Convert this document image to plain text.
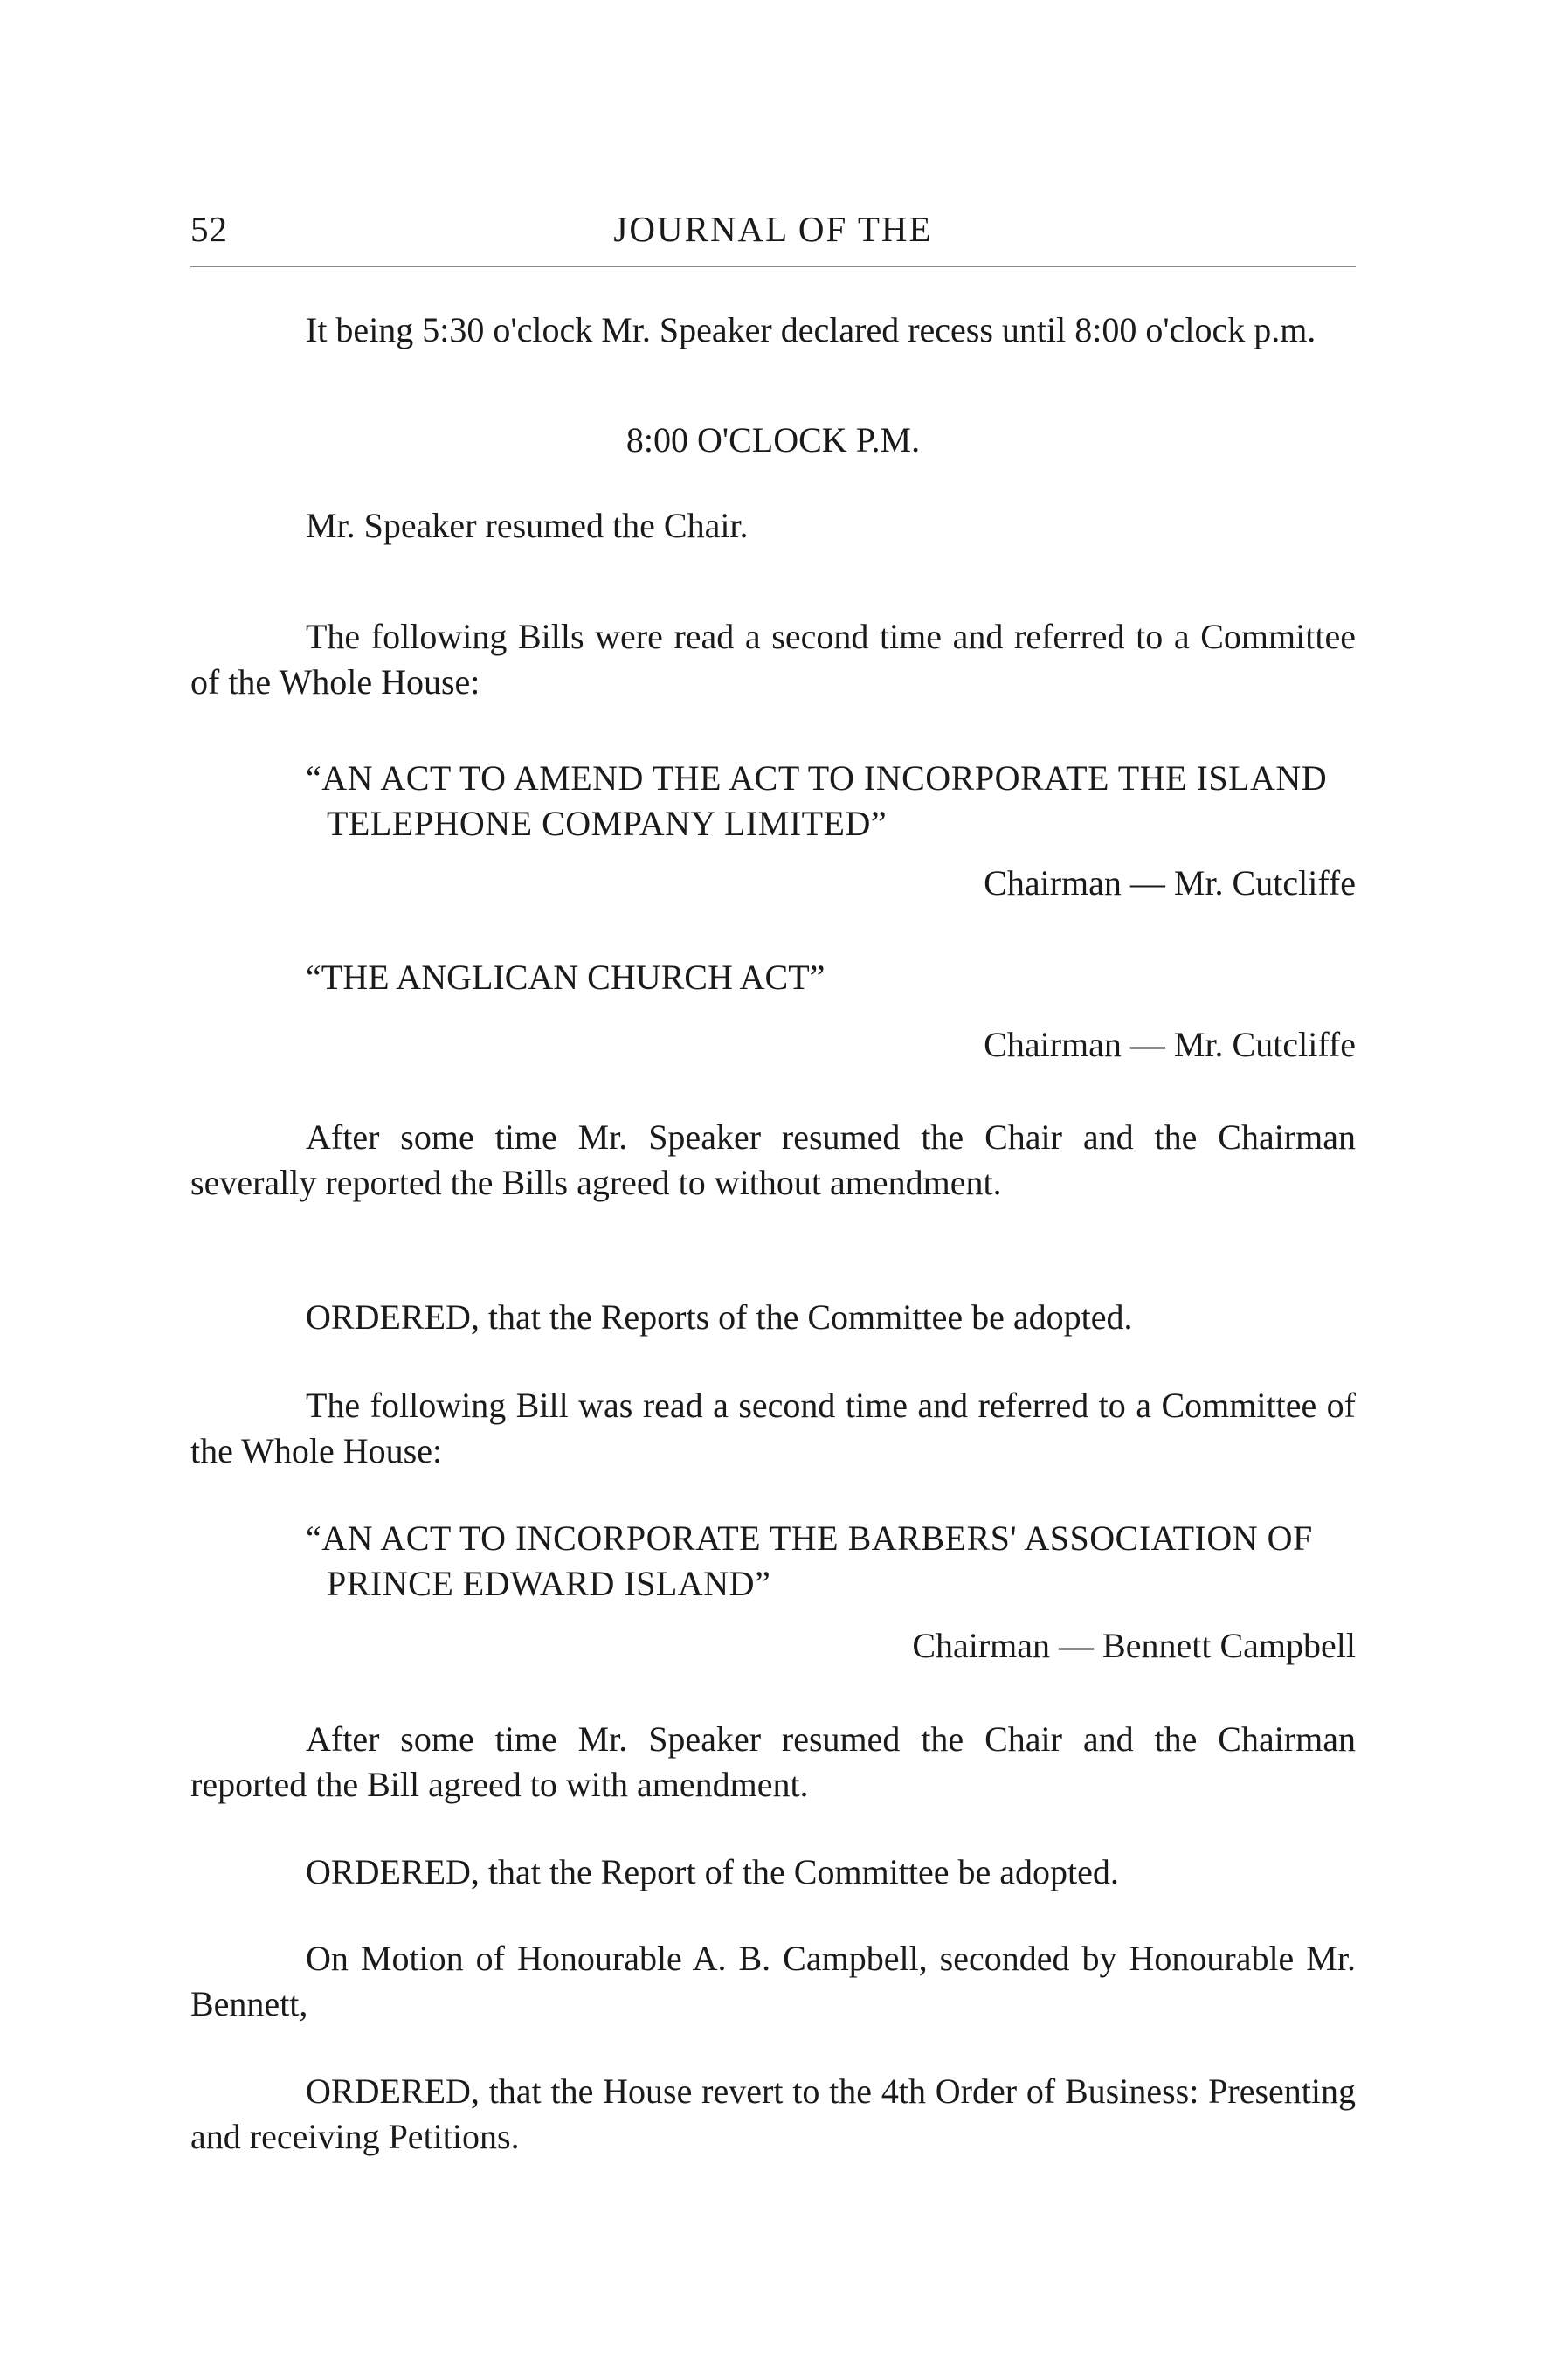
52	JOURNAL OF THE

It being 5:30 o'clock Mr. Speaker declared recess until 8:00 o'clock p.m.

8:00 O'CLOCK P.M.

Mr. Speaker resumed the Chair.

The following Bills were read a second time and referred to a Committee of the Whole House:

“AN ACT TO AMEND THE ACT TO INCORPORATE THE ISLAND TELEPHONE COMPANY LIMITED”

Chairman — Mr. Cutcliffe

“THE ANGLICAN CHURCH ACT”

Chairman — Mr. Cutcliffe

After some time Mr. Speaker resumed the Chair and the Chairman severally reported the Bills agreed to without amendment.

ORDERED, that the Reports of the Committee be adopted.

The following Bill was read a second time and referred to a Committee of the Whole House:

“AN ACT TO INCORPORATE THE BARBERS' ASSOCIATION OF PRINCE EDWARD ISLAND”

Chairman — Bennett Campbell

After some time Mr. Speaker resumed the Chair and the Chairman reported the Bill agreed to with amendment.

ORDERED, that the Report of the Committee be adopted.

On Motion of Honourable A. B. Campbell, seconded by Honourable Mr. Bennett,

ORDERED, that the House revert to the 4th Order of Business: Presenting and receiving Petitions.
